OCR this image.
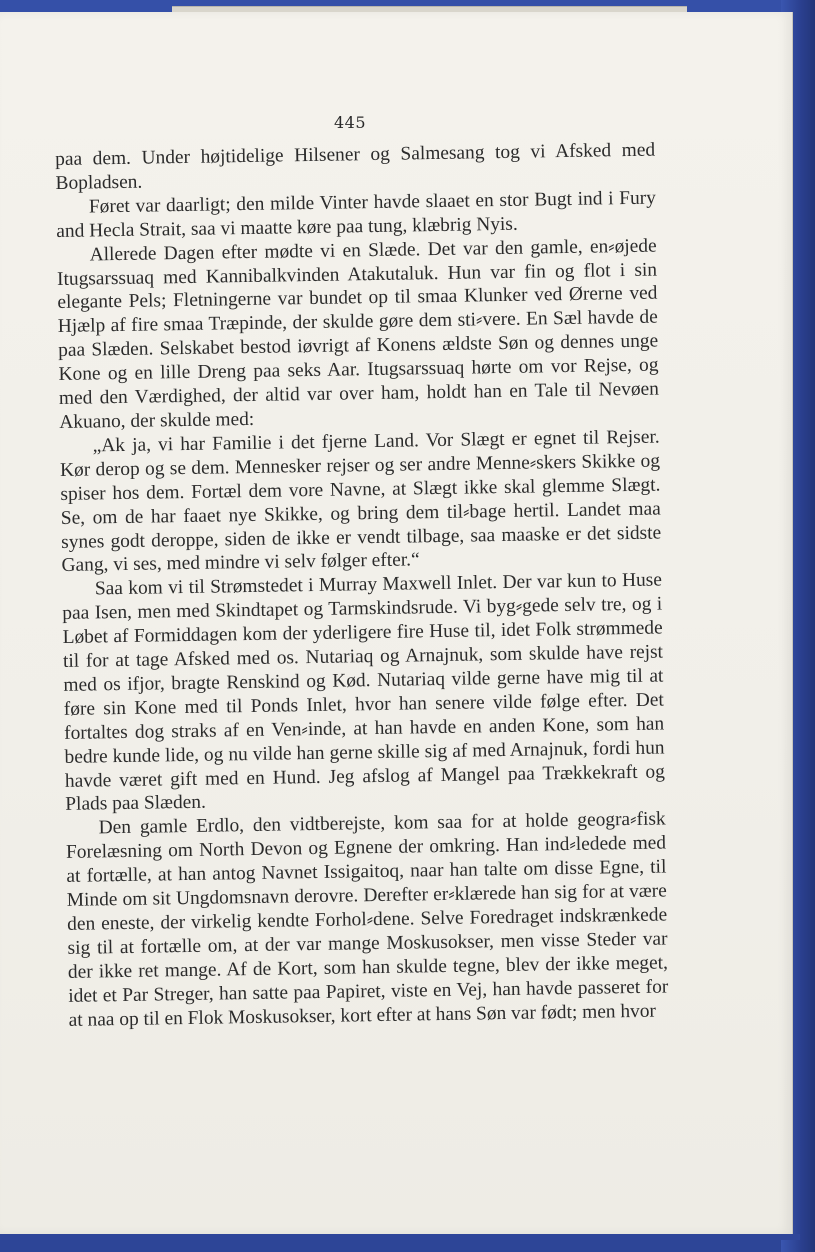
445

paa dem. Under højtidelige Hilsener og Salmesang tog vi Afsked med Bopladsen.

Føret var daarligt; den milde Vinter havde slaaet en stor Bugt ind i Fury and Hecla Strait, saa vi maatte køre paa tung, klæbrig Nyis.

Allerede Dagen efter mødte vi en Slæde. Det var den gamle, en⸗øjede Itugsarssuaq med Kannibalkvinden Atakutaluk. Hun var fin og flot i sin elegante Pels; Fletningerne var bundet op til smaa Klunker ved Ørerne ved Hjælp af fire smaa Træpinde, der skulde gøre dem sti⸗vere. En Sæl havde de paa Slæden. Selskabet bestod iøvrigt af Konens ældste Søn og dennes unge Kone og en lille Dreng paa seks Aar. Itugsarssuaq hørte om vor Rejse, og med den Værdighed, der altid var over ham, holdt han en Tale til Nevøen Akuano, der skulde med:

„Ak ja, vi har Familie i det fjerne Land. Vor Slægt er egnet til Rejser. Kør derop og se dem. Mennesker rejser og ser andre Menne⸗skers Skikke og spiser hos dem. Fortæl dem vore Navne, at Slægt ikke skal glemme Slægt. Se, om de har faaet nye Skikke, og bring dem til⸗bage hertil. Landet maa synes godt deroppe, siden de ikke er vendt tilbage, saa maaske er det sidste Gang, vi ses, med mindre vi selv følger efter.“

Saa kom vi til Strømstedet i Murray Maxwell Inlet. Der var kun to Huse paa Isen, men med Skindtapet og Tarmskindsrude. Vi byg⸗gede selv tre, og i Løbet af Formiddagen kom der yderligere fire Huse til, idet Folk strømmede til for at tage Afsked med os. Nutariaq og Arnajnuk, som skulde have rejst med os ifjor, bragte Renskind og Kød. Nutariaq vilde gerne have mig til at føre sin Kone med til Ponds Inlet, hvor han senere vilde følge efter. Det fortaltes dog straks af en Ven⸗inde, at han havde en anden Kone, som han bedre kunde lide, og nu vilde han gerne skille sig af med Arnajnuk, fordi hun havde været gift med en Hund. Jeg afslog af Mangel paa Trækkekraft og Plads paa Slæden.

Den gamle Erdlo, den vidtberejste, kom saa for at holde geogra⸗fisk Forelæsning om North Devon og Egnene der omkring. Han ind⸗ledede med at fortælle, at han antog Navnet Issigaitoq, naar han talte om disse Egne, til Minde om sit Ungdomsnavn derovre. Derefter er⸗klærede han sig for at være den eneste, der virkelig kendte Forhol⸗dene. Selve Foredraget indskrænkede sig til at fortælle om, at der var mange Moskusokser, men visse Steder var der ikke ret mange. Af de Kort, som han skulde tegne, blev der ikke meget, idet et Par Streger, han satte paa Papiret, viste en Vej, han havde passeret for at naa op til en Flok Moskusokser, kort efter at hans Søn var født; men hvor
